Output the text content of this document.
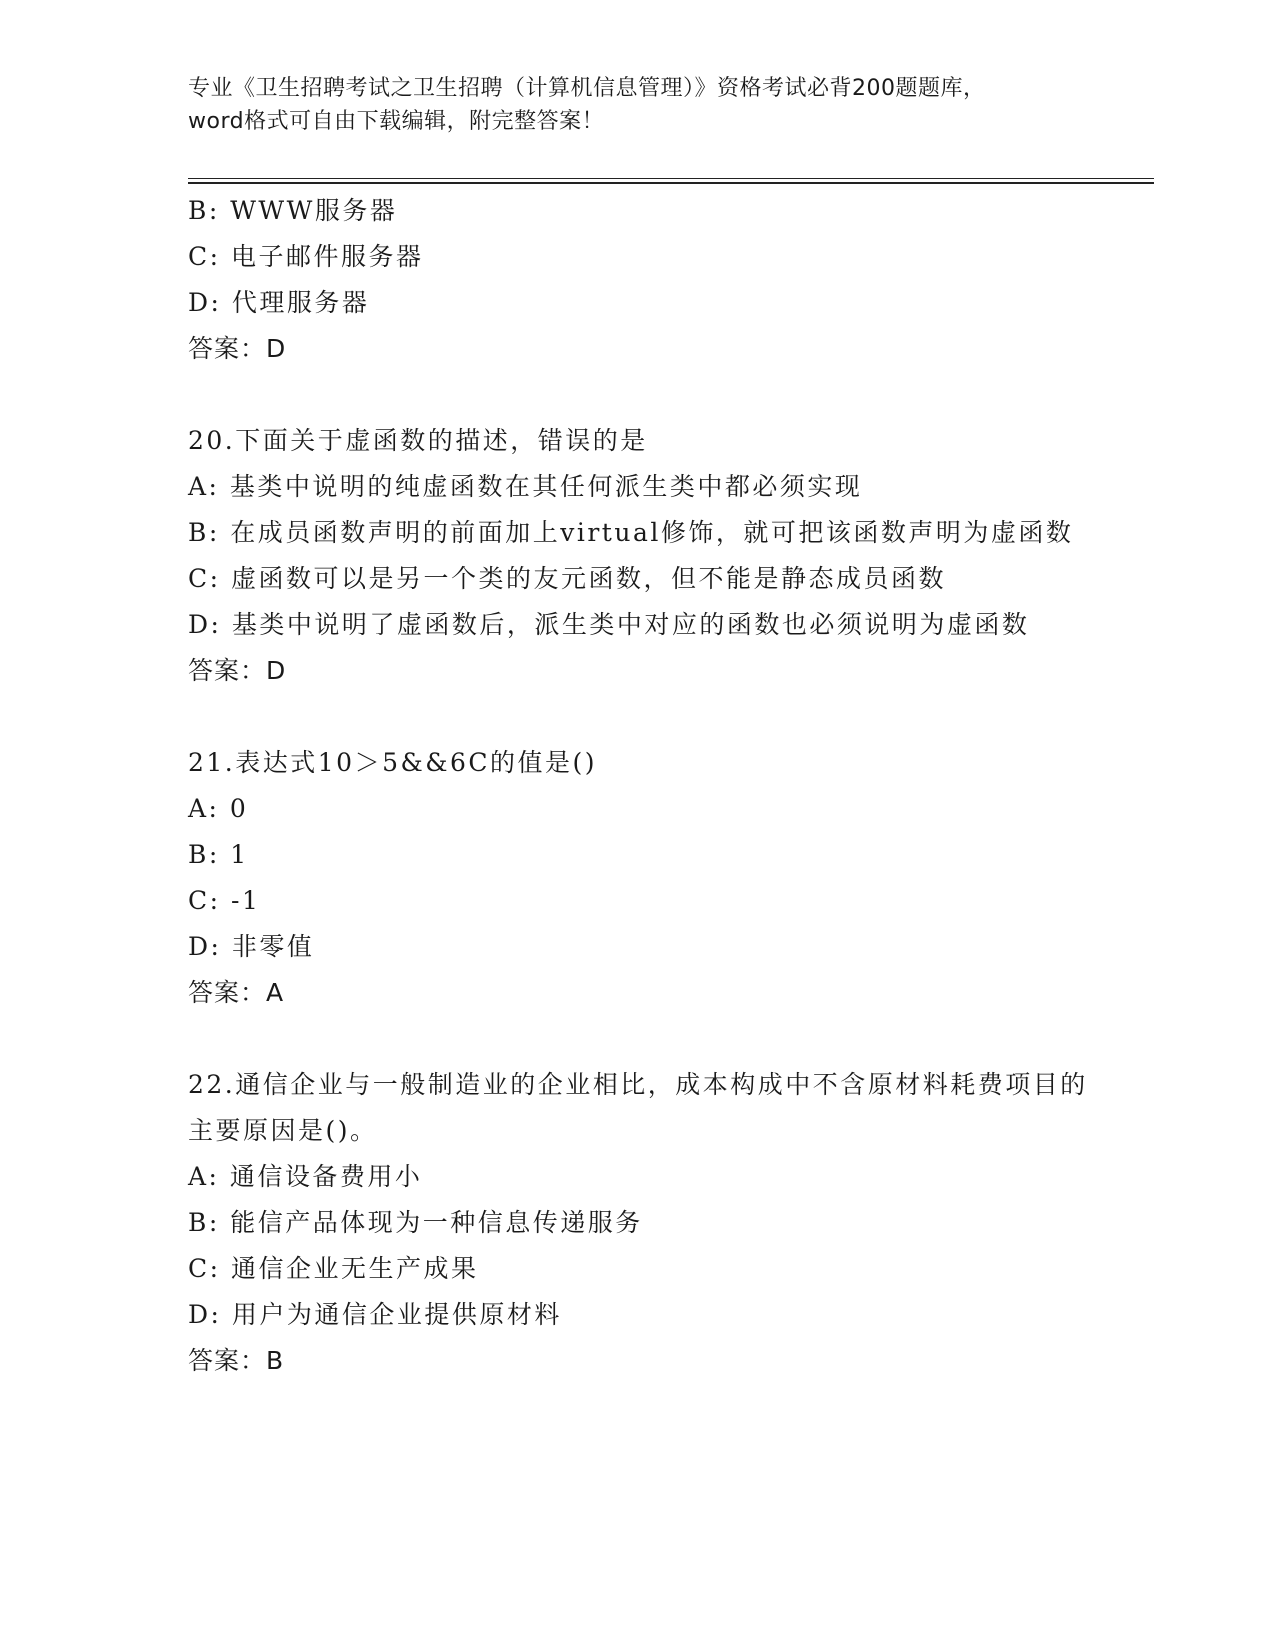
专业《卫生招聘考试之卫生招聘（计算机信息管理）》资格考试必背200题题库，
word格式可自由下载编辑，附完整答案！
B: WWW服务器
C: 电子邮件服务器
D: 代理服务器
答案：D
20.下面关于虚函数的描述，错误的是
A: 基类中说明的纯虚函数在其任何派生类中都必须实现
B: 在成员函数声明的前面加上virtual修饰，就可把该函数声明为虚函数
C: 虚函数可以是另一个类的友元函数，但不能是静态成员函数
D: 基类中说明了虚函数后，派生类中对应的函数也必须说明为虚函数
答案：D
21.表达式10＞5&&6C的值是()
A: 0
B: 1
C: -1
D: 非零值
答案：A
22.通信企业与一般制造业的企业相比，成本构成中不含原材料耗费项目的主要原因是()。
A: 通信设备费用小
B: 能信产品体现为一种信息传递服务
C: 通信企业无生产成果
D: 用户为通信企业提供原材料
答案：B
